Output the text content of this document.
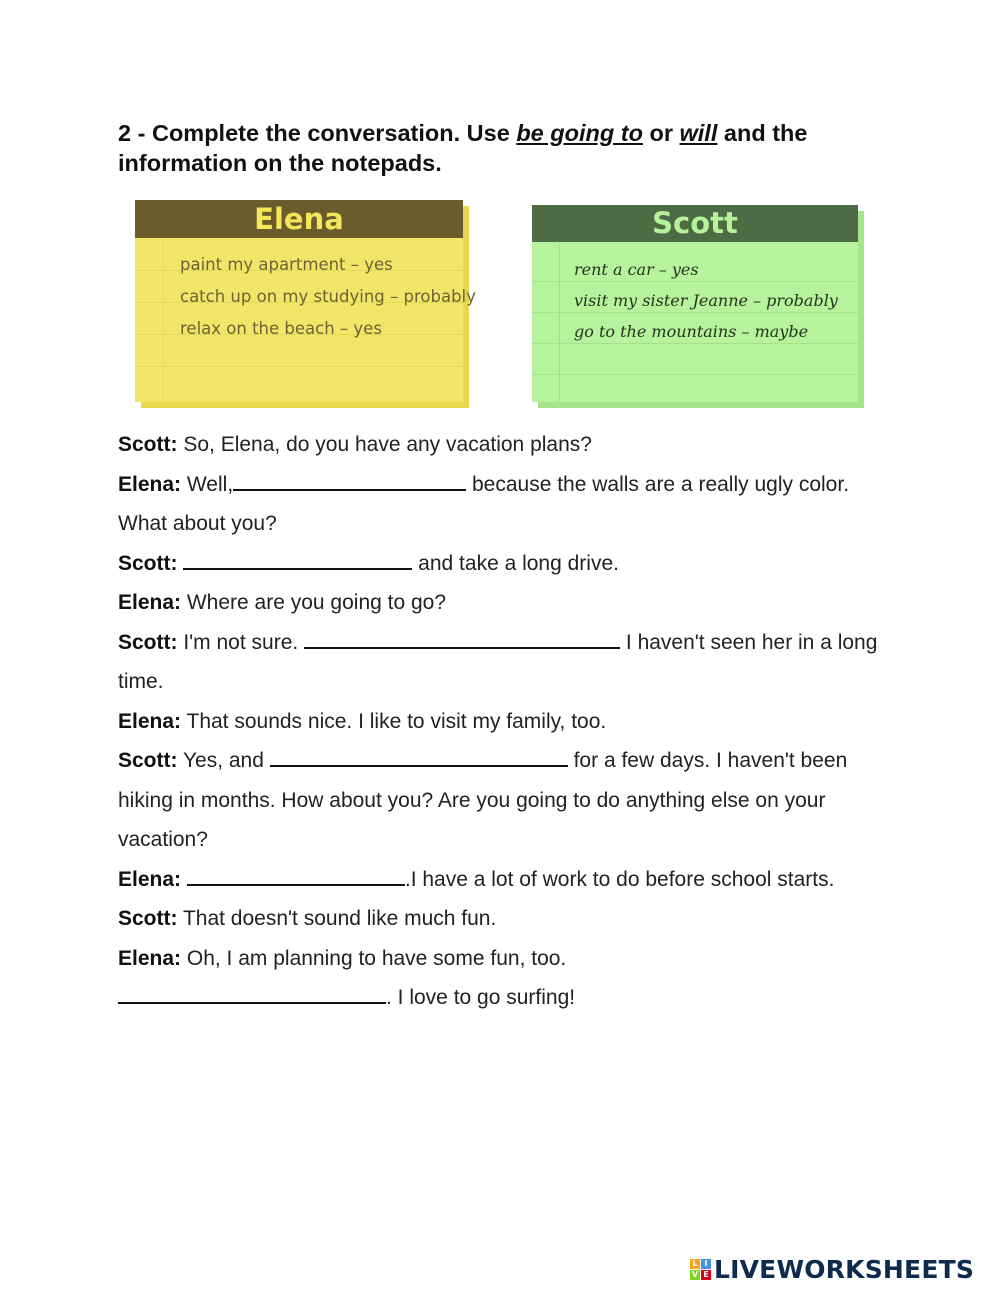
2 - Complete the conversation. Use be going to or will and the information on the notepads.
Elena
paint my apartment – yes
catch up on my studying – probably
relax on the beach – yes
Scott
rent a car – yes
visit my sister Jeanne – probably
go to the mountains – maybe

Scott: So, Elena, do you have any vacation plans?

Elena: Well,	because the walls are a really ugly color. What about you?

Scott:	and take a long drive.

Elena: Where are you going to go?

Scott: I'm not sure.	I haven't seen her in a long time.

Elena: That sounds nice. I like to visit my family, too.

Scott: Yes, and	for a few days. I haven't been hiking in months. How about you? Are you going to do anything else on your vacation?

Elena:	.I have a lot of work to do before school starts.

Scott: That doesn't sound like much fun.

Elena: Oh, I am planning to have some fun, too.

. I love to go surfing!

L I
V E LIVEWORKSHEETS
